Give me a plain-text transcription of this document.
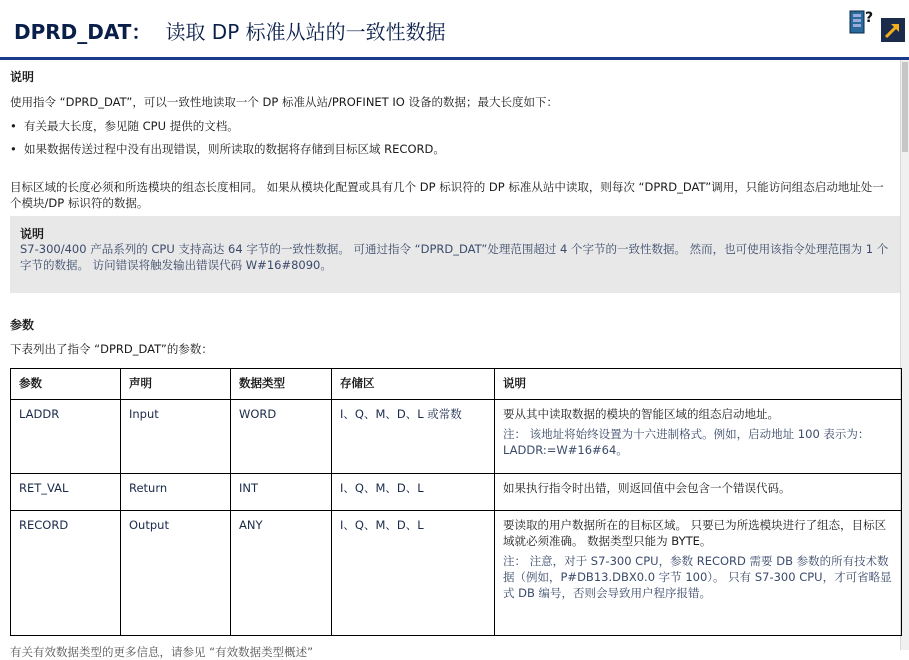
DPRD_DAT： 读取 DP 标准从站的一致性数据
?
说明
使用指令 “DPRD_DAT”，可以一致性地读取一个 DP 标准从站/PROFINET IO 设备的数据；最大长度如下：
• 有关最大长度，参见随 CPU 提供的文档。
• 如果数据传送过程中没有出现错误，则所读取的数据将存储到目标区域 RECORD。
目标区域的长度必须和所选模块的组态长度相同。 如果从模块化配置或具有几个 DP 标识符的 DP 标准从站中读取，则每次 “DPRD_DAT”调用，只能访问组态启动地址处一个模块/DP 标识符的数据。
说明
S7-300/400 产品系列的 CPU 支持高达 64 字节的一致性数据。 可通过指令 “DPRD_DAT”处理范围超过 4 个字节的一致性数据。 然而，也可使用该指令处理范围为 1 个字节的数据。 访问错误将触发输出错误代码 W#16#8090。
参数
下表列出了指令 “DPRD_DAT”的参数：
参数	声明	数据类型	存储区	说明
LADDR	Input	WORD	I、Q、M、D、L 或常数	要从其中读取数据的模块的智能区域的组态启动地址。
注： 该地址将始终设置为十六进制格式。例如，启动地址 100 表示为： LADDR:=W#16#64。

RET_VAL	Return	INT	I、Q、M、D、L	如果执行指令时出错，则返回值中会包含一个错误代码。

RECORD	Output	ANY	I、Q、M、D、L	要读取的用户数据所在的目标区域。 只要已为所选模块进行了组态，目标区域就必须准确。 数据类型只能为 BYTE。
注： 注意，对于 S7-300 CPU，参数 RECORD 需要 DB 参数的所有技术数据（例如，P#DB13.DBX0.0 字节 100）。 只有 S7-300 CPU，才可省略显式 DB 编号，否则会导致用户程序报错。
有关有效数据类型的更多信息，请参见 “有效数据类型概述”
